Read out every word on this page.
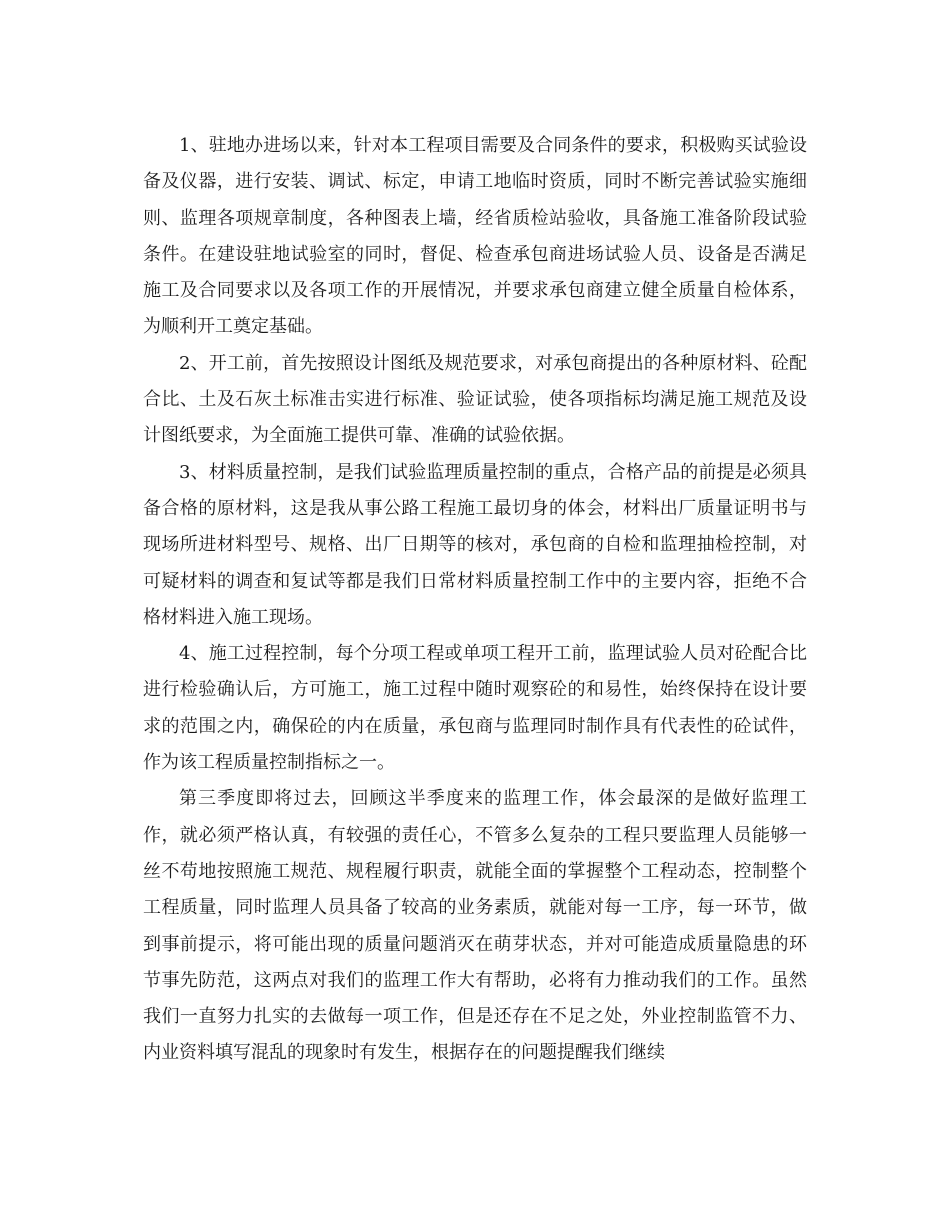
1、驻地办进场以来，针对本工程项目需要及合同条件的要求，积极购买试验设备及仪器，进行安装、调试、标定，申请工地临时资质，同时不断完善试验实施细则、监理各项规章制度，各种图表上墙，经省质检站验收，具备施工准备阶段试验条件。在建设驻地试验室的同时，督促、检查承包商进场试验人员、设备是否满足施工及合同要求以及各项工作的开展情况，并要求承包商建立健全质量自检体系，为顺利开工奠定基础。

2、开工前，首先按照设计图纸及规范要求，对承包商提出的各种原材料、砼配合比、土及石灰土标准击实进行标准、验证试验，使各项指标均满足施工规范及设计图纸要求，为全面施工提供可靠、准确的试验依据。

3、材料质量控制，是我们试验监理质量控制的重点，合格产品的前提是必须具备合格的原材料，这是我从事公路工程施工最切身的体会，材料出厂质量证明书与现场所进材料型号、规格、出厂日期等的核对，承包商的自检和监理抽检控制，对可疑材料的调查和复试等都是我们日常材料质量控制工作中的主要内容，拒绝不合格材料进入施工现场。

4、施工过程控制，每个分项工程或单项工程开工前，监理试验人员对砼配合比进行检验确认后，方可施工，施工过程中随时观察砼的和易性，始终保持在设计要求的范围之内，确保砼的内在质量，承包商与监理同时制作具有代表性的砼试件，作为该工程质量控制指标之一。

第三季度即将过去，回顾这半季度来的监理工作，体会最深的是做好监理工作，就必须严格认真，有较强的责任心，不管多么复杂的工程只要监理人员能够一丝不苟地按照施工规范、规程履行职责，就能全面的掌握整个工程动态，控制整个工程质量，同时监理人员具备了较高的业务素质，就能对每一工序，每一环节，做到事前提示，将可能出现的质量问题消灭在萌芽状态，并对可能造成质量隐患的环节事先防范，这两点对我们的监理工作大有帮助，必将有力推动我们的工作。虽然我们一直努力扎实的去做每一项工作，但是还存在不足之处，外业控制监管不力、内业资料填写混乱的现象时有发生，根据存在的问题提醒我们继续
